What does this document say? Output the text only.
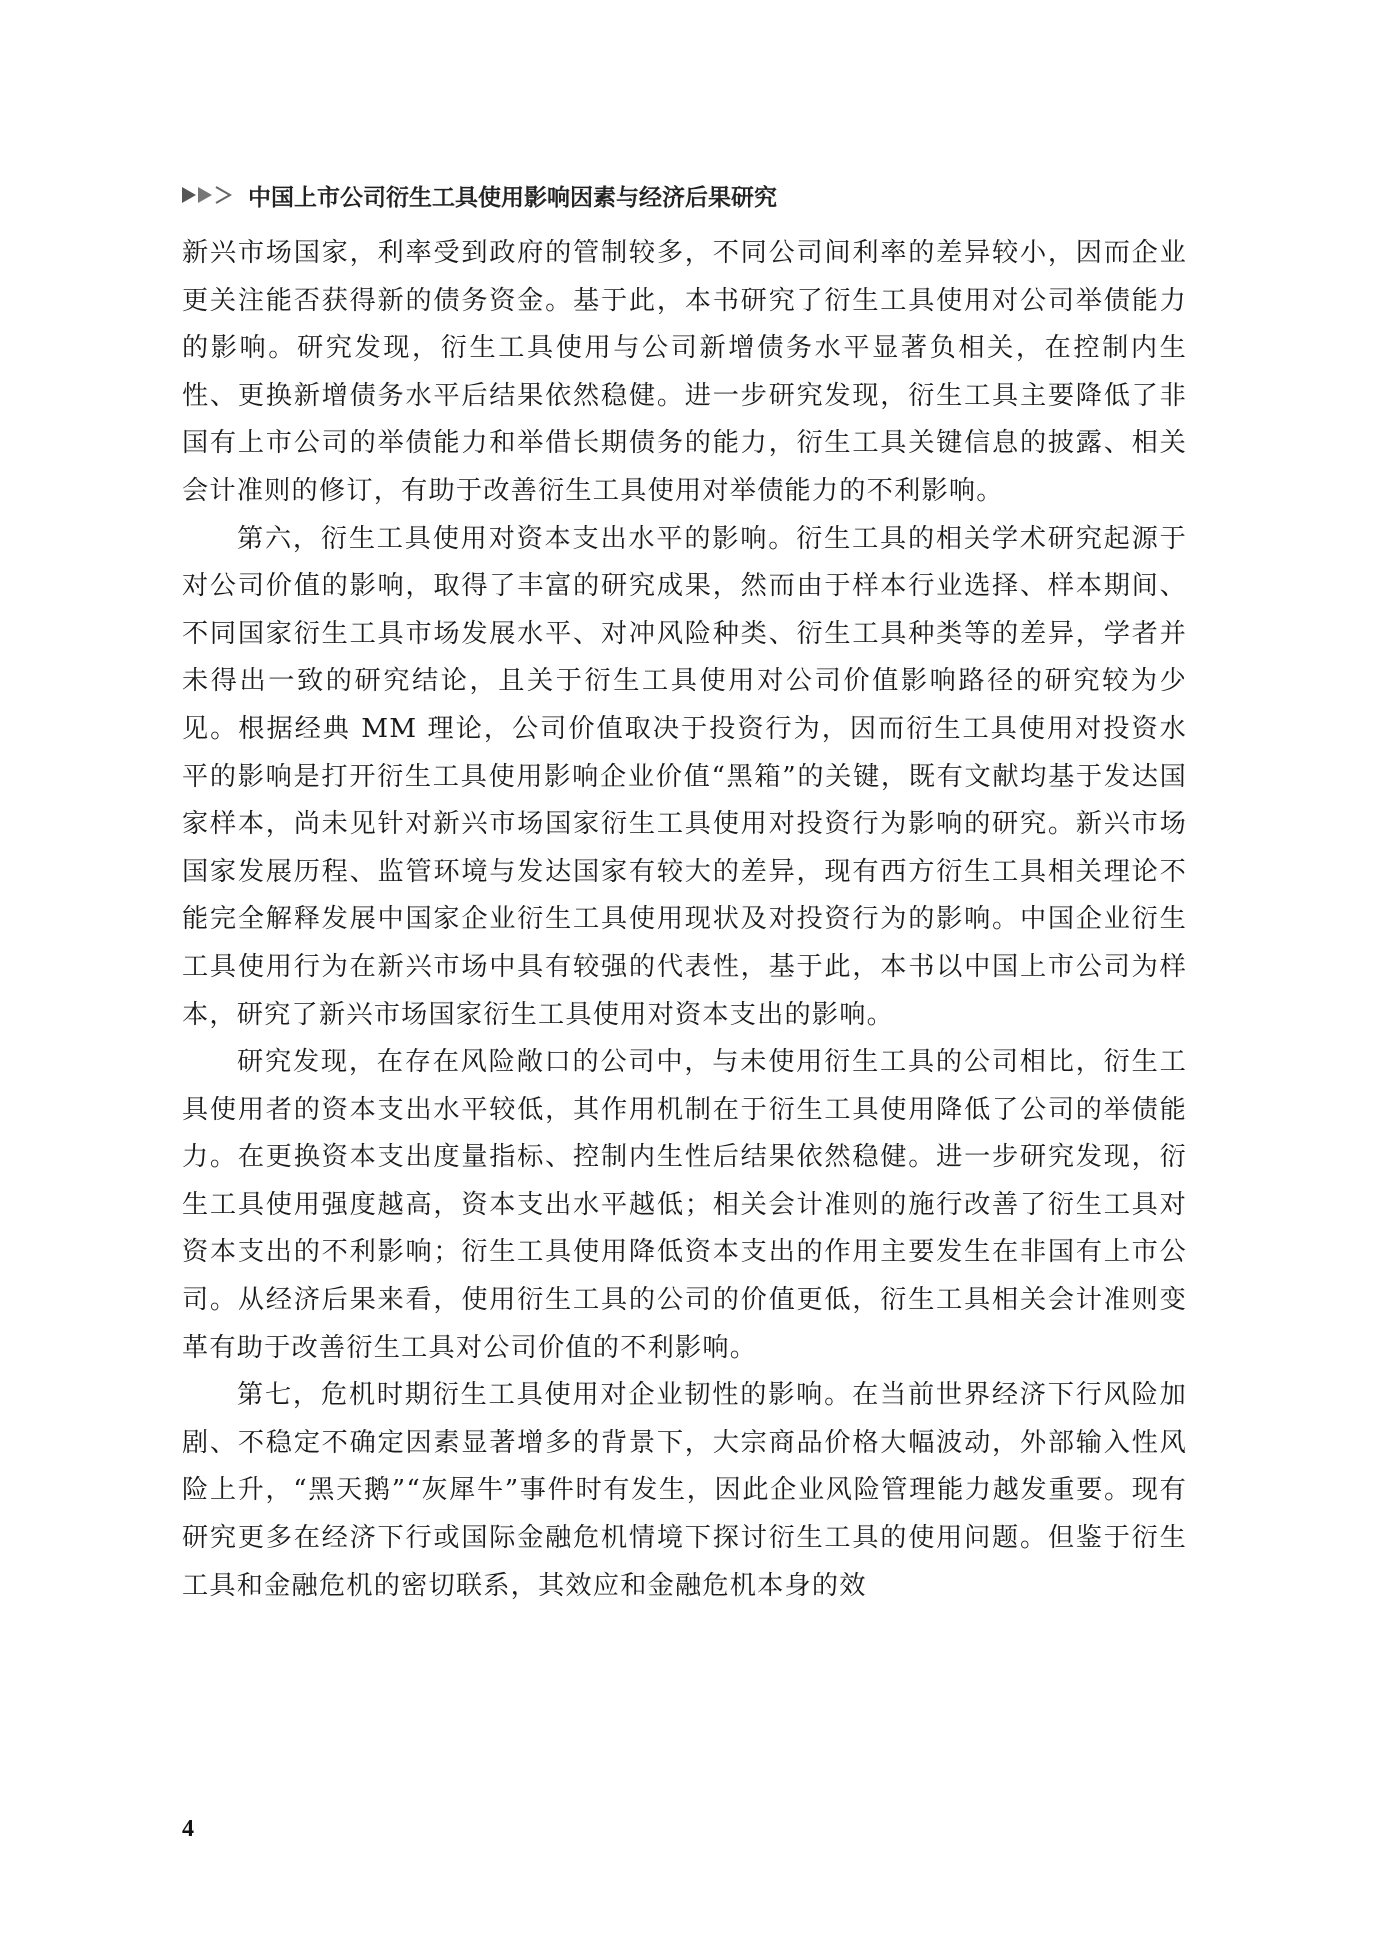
中国上市公司衍生工具使用影响因素与经济后果研究

新兴市场国家，利率受到政府的管制较多，不同公司间利率的差异较小，因而企业更关注能否获得新的债务资金。基于此，本书研究了衍生工具使用对公司举债能力的影响。研究发现，衍生工具使用与公司新增债务水平显著负相关，在控制内生性、更换新增债务水平后结果依然稳健。进一步研究发现，衍生工具主要降低了非国有上市公司的举债能力和举借长期债务的能力，衍生工具关键信息的披露、相关会计准则的修订，有助于改善衍生工具使用对举债能力的不利影响。

第六，衍生工具使用对资本支出水平的影响。衍生工具的相关学术研究起源于对公司价值的影响，取得了丰富的研究成果，然而由于样本行业选择、样本期间、不同国家衍生工具市场发展水平、对冲风险种类、衍生工具种类等的差异，学者并未得出一致的研究结论，且关于衍生工具使用对公司价值影响路径的研究较为少见。根据经典 MM 理论，公司价值取决于投资行为，因而衍生工具使用对投资水平的影响是打开衍生工具使用影响企业价值“黑箱”的关键，既有文献均基于发达国家样本，尚未见针对新兴市场国家衍生工具使用对投资行为影响的研究。新兴市场国家发展历程、监管环境与发达国家有较大的差异，现有西方衍生工具相关理论不能完全解释发展中国家企业衍生工具使用现状及对投资行为的影响。中国企业衍生工具使用行为在新兴市场中具有较强的代表性，基于此，本书以中国上市公司为样本，研究了新兴市场国家衍生工具使用对资本支出的影响。

研究发现，在存在风险敞口的公司中，与未使用衍生工具的公司相比，衍生工具使用者的资本支出水平较低，其作用机制在于衍生工具使用降低了公司的举债能力。在更换资本支出度量指标、控制内生性后结果依然稳健。进一步研究发现，衍生工具使用强度越高，资本支出水平越低；相关会计准则的施行改善了衍生工具对资本支出的不利影响；衍生工具使用降低资本支出的作用主要发生在非国有上市公司。从经济后果来看，使用衍生工具的公司的价值更低，衍生工具相关会计准则变革有助于改善衍生工具对公司价值的不利影响。

第七，危机时期衍生工具使用对企业韧性的影响。在当前世界经济下行风险加剧、不稳定不确定因素显著增多的背景下，大宗商品价格大幅波动，外部输入性风险上升，“黑天鹅”“灰犀牛”事件时有发生，因此企业风险管理能力越发重要。现有研究更多在经济下行或国际金融危机情境下探讨衍生工具的使用问题。但鉴于衍生工具和金融危机的密切联系，其效应和金融危机本身的效

4
